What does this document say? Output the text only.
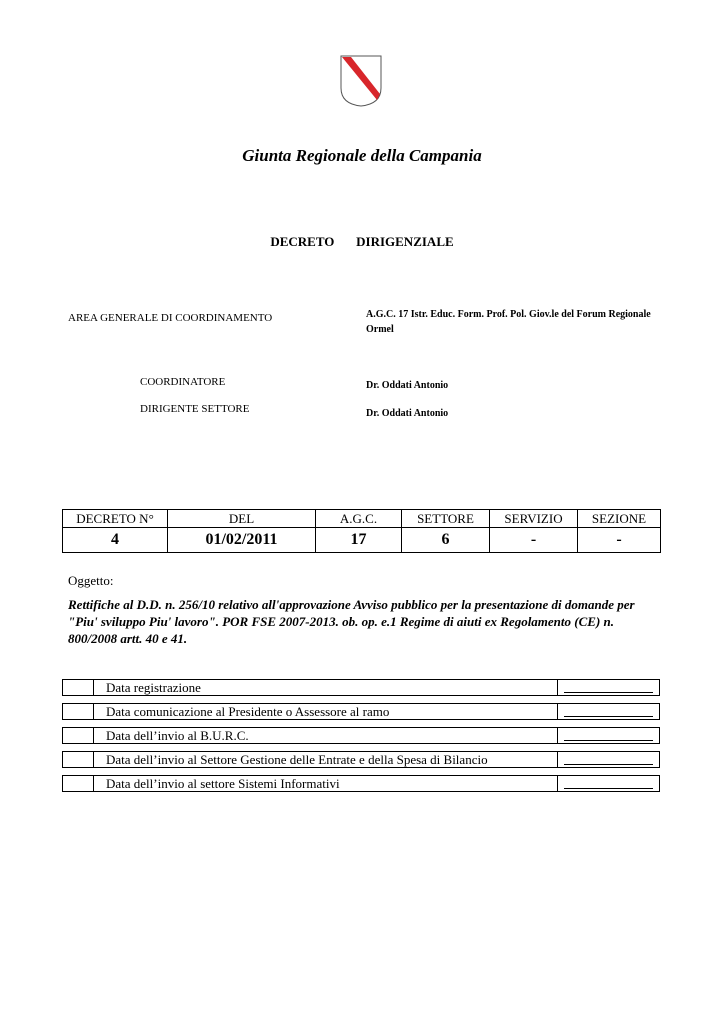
Giunta Regionale della Campania
DECRETO   DIRIGENZIALE
AREA GENERALE DI COORDINAMENTO	A.G.C. 17 Istr. Educ. Form. Prof. Pol. Giov.le del Forum Regionale Ormel
COORDINATORE	Dr. Oddati Antonio
DIRIGENTE SETTORE	Dr. Oddati Antonio
DECRETO N°	DEL	A.G.C.	SETTORE	SERVIZIO	SEZIONE
4	01/02/2011	17	6	-	-
Oggetto:
Rettifiche al D.D. n. 256/10 relativo all'approvazione Avviso pubblico per la presentazione di domande per "Piu' sviluppo Piu' lavoro". POR FSE 2007-2013. ob. op. e.1 Regime di aiuti ex Regolamento (CE) n. 800/2008 artt. 40 e 41.
Data registrazione
Data comunicazione al Presidente o Assessore al ramo
Data dell’invio al B.U.R.C.
Data dell’invio al Settore Gestione delle Entrate e della Spesa di Bilancio
Data dell’invio al settore Sistemi Informativi
